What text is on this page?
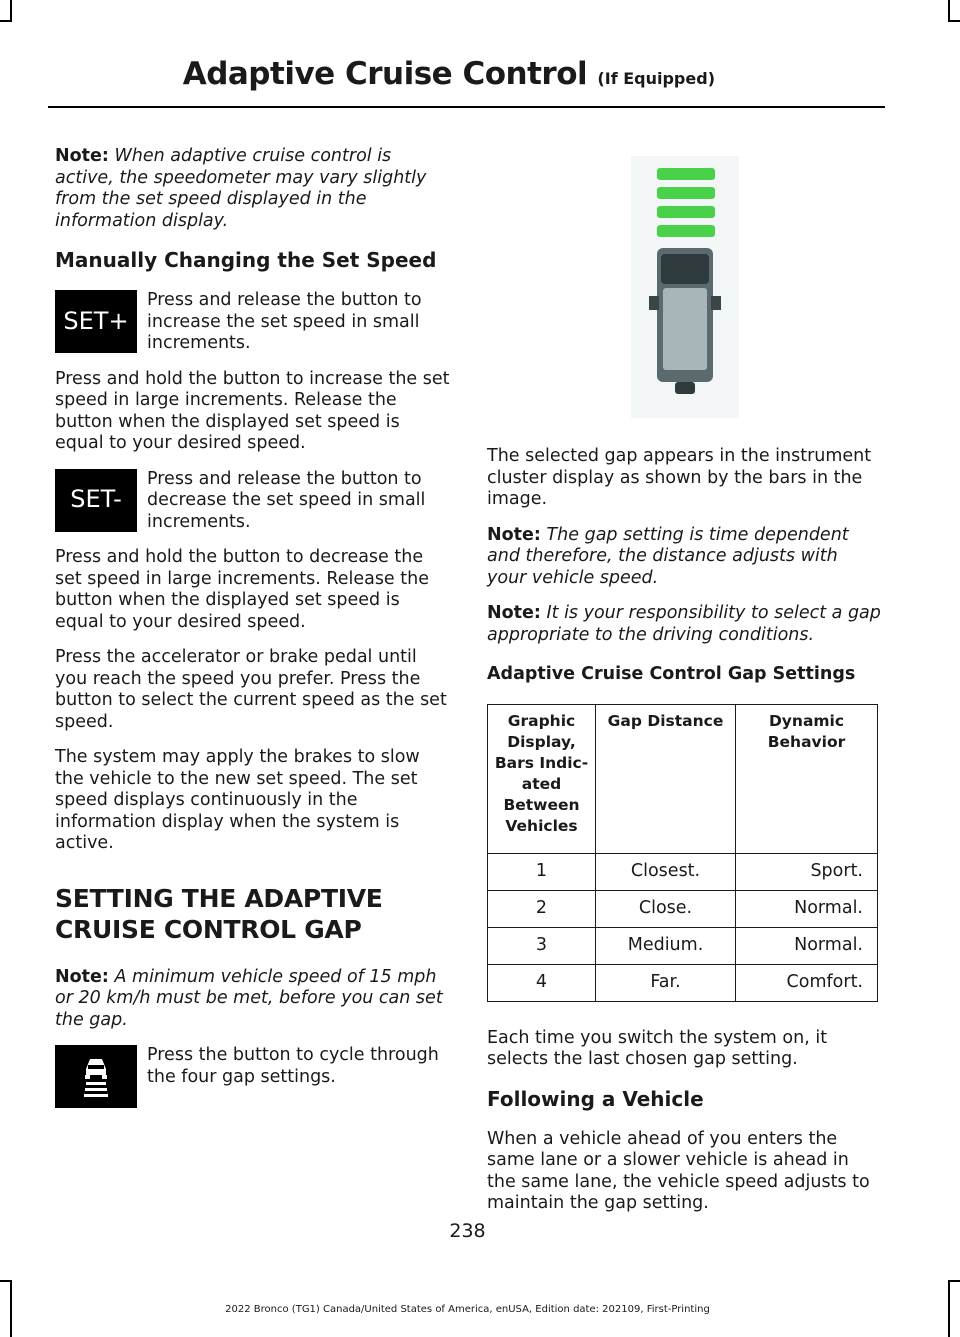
Adaptive Cruise Control (If Equipped)

Note: When adaptive cruise control is active, the speedometer may vary slightly from the set speed displayed in the information display.

Manually Changing the Set Speed
SET+
Press and release the button to increase the set speed in small increments.

Press and hold the button to increase the set speed in large increments. Release the button when the displayed set speed is equal to your desired speed.

SET-
Press and release the button to decrease the set speed in small increments.

Press and hold the button to decrease the set speed in large increments. Release the button when the displayed set speed is equal to your desired speed.

Press the accelerator or brake pedal until you reach the speed you prefer. Press the button to select the current speed as the set speed.

The system may apply the brakes to slow the vehicle to the new set speed. The set speed displays continuously in the information display when the system is active.

SETTING THE ADAPTIVE
CRUISE CONTROL GAP

Note: A minimum vehicle speed of 15 mph or 20 km/h must be met, before you can set the gap.

Press the button to cycle through the four gap settings.

The selected gap appears in the instrument cluster display as shown by the bars in the image.

Note: The gap setting is time dependent and therefore, the distance adjusts with your vehicle speed.

Note: It is your responsibility to select a gap appropriate to the driving conditions.

Adaptive Cruise Control Gap Settings
Graphic Display, Bars Indic- ated Between Vehicles	Gap Distance	Dynamic Behavior
1	Closest.	Sport.
2	Close.	Normal.
3	Medium.	Normal.
4	Far.	Comfort.

Each time you switch the system on, it selects the last chosen gap setting.

Following a Vehicle

When a vehicle ahead of you enters the same lane or a slower vehicle is ahead in the same lane, the vehicle speed adjusts to maintain the gap setting.

238
2022 Bronco (TG1) Canada/United States of America, enUSA, Edition date: 202109, First-Printing
